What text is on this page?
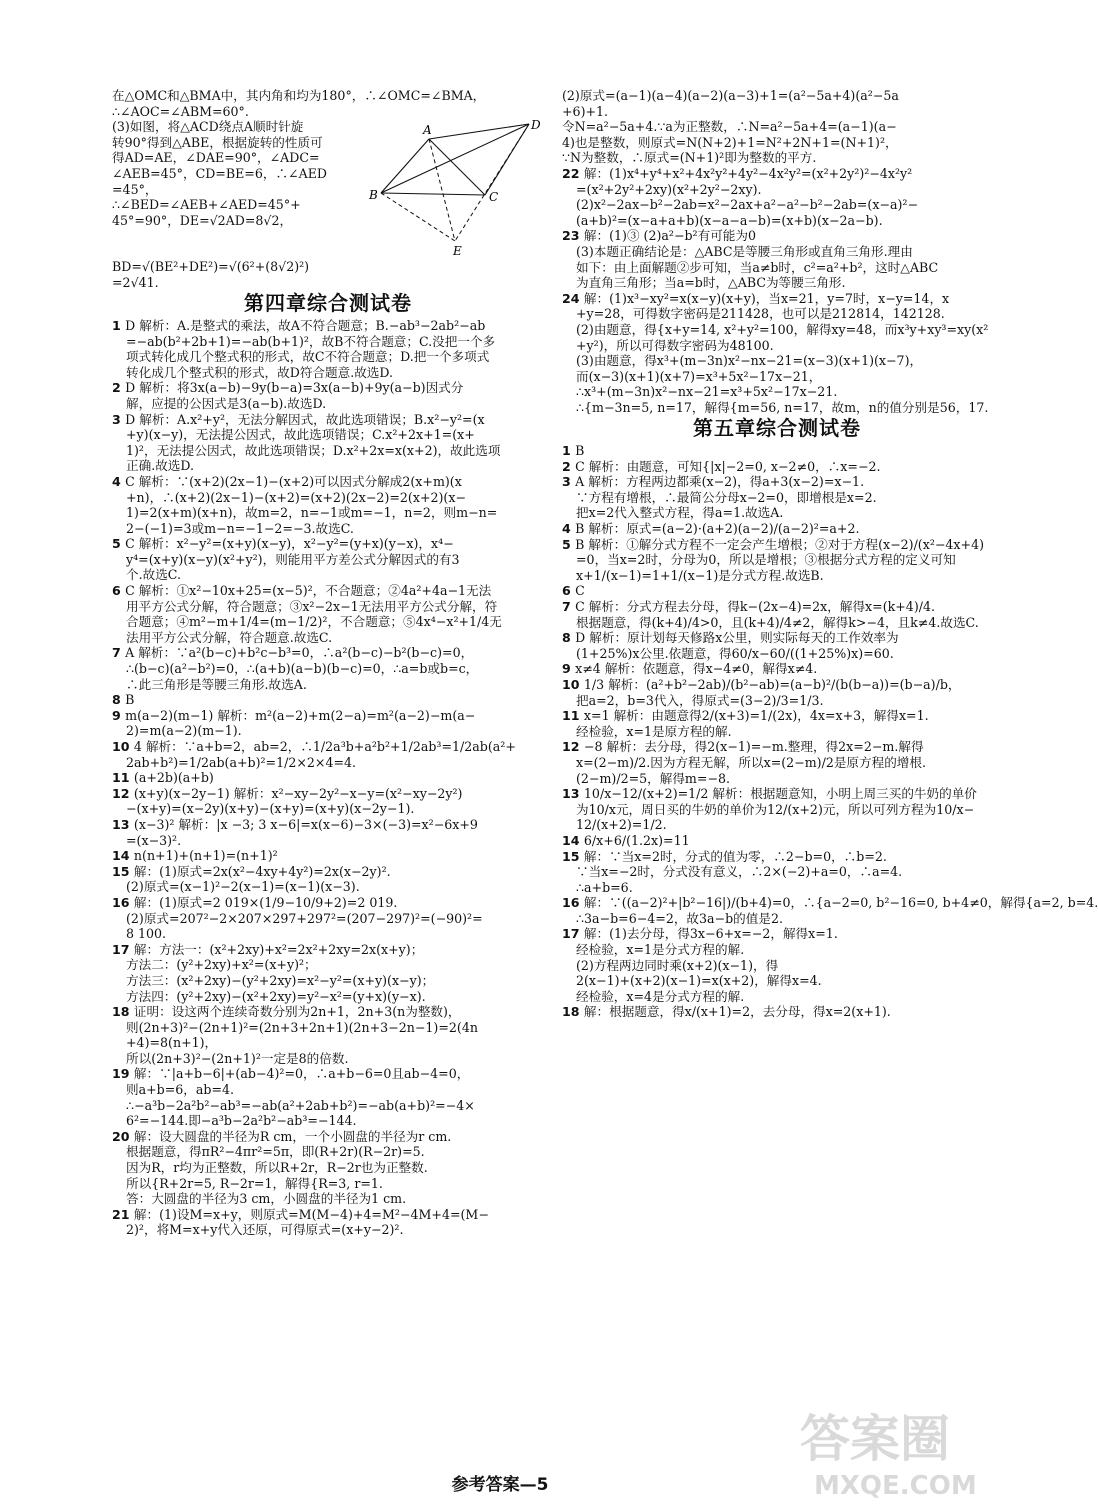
在△OMC和△BMA中，其内角和均为180°，∴∠OMC=∠BMA，
∴∠AOC=∠ABM=60°.
(3)如图，将△ACD绕点A顺时针旋
转90°得到△ABE，根据旋转的性质可
得AD=AE，∠DAE=90°，∠ADC=
∠AEB=45°，CD=BE=6，∴∠AED
=45°，
∴∠BED=∠AEB+∠AED=45°+
45°=90°，DE=√2AD=8√2，
A
B	C
D
E
BD=√(BE²+DE²)=√(6²+(8√2)²)
=2√41.
第四章综合测试卷
1 D 解析：A.是整式的乘法，故A不符合题意；B.−ab³−2ab²−ab
=−ab(b²+2b+1)=−ab(b+1)²，故B不符合题意；C.没把一个多
项式转化成几个整式积的形式，故C不符合题意；D.把一个多项式
转化成几个整式积的形式，故D符合题意.故选D.
2 D 解析：将3x(a−b)−9y(b−a)=3x(a−b)+9y(a−b)因式分
解，应提的公因式是3(a−b).故选D.
3 D 解析：A.x²+y²，无法分解因式，故此选项错误；B.x²−y²=(x
+y)(x−y)，无法提公因式，故此选项错误；C.x²+2x+1=(x+
1)²，无法提公因式，故此选项错误；D.x²+2x=x(x+2)，故此选项
正确.故选D.
4 C 解析：∵(x+2)(2x−1)−(x+2)可以因式分解成2(x+m)(x
+n)，∴(x+2)(2x−1)−(x+2)=(x+2)(2x−2)=2(x+2)(x−
1)=2(x+m)(x+n)，故m=2，n=−1或m=−1，n=2，则m−n=
2−(−1)=3或m−n=−1−2=−3.故选C.
5 C 解析：x²−y²=(x+y)(x−y)，x²−y²=(y+x)(y−x)，x⁴−
y⁴=(x+y)(x−y)(x²+y²)，则能用平方差公式分解因式的有3
个.故选C.
6 C 解析：①x²−10x+25=(x−5)²，不合题意；②4a²+4a−1无法
用平方公式分解，符合题意；③x²−2x−1无法用平方公式分解，符
合题意；④m²−m+1/4=(m−1/2)²，不合题意；⑤4x⁴−x²+1/4无
法用平方公式分解，符合题意.故选C.
7 A 解析：∵a²(b−c)+b²c−b³=0，∴a²(b−c)−b²(b−c)=0，
∴(b−c)(a²−b²)=0，∴(a+b)(a−b)(b−c)=0，∴a=b或b=c，
∴此三角形是等腰三角形.故选A.
8 B
9 m(a−2)(m−1) 解析：m²(a−2)+m(2−a)=m²(a−2)−m(a−
2)=m(a−2)(m−1).
10 4 解析：∵a+b=2，ab=2，∴1/2a³b+a²b²+1/2ab³=1/2ab(a²+
2ab+b²)=1/2ab(a+b)²=1/2×2×4=4.
11 (a+2b)(a+b)
12 (x+y)(x−2y−1) 解析：x²−xy−2y²−x−y=(x²−xy−2y²)
−(x+y)=(x−2y)(x+y)−(x+y)=(x+y)(x−2y−1).
13 (x−3)² 解析：|x −3; 3 x−6|=x(x−6)−3×(−3)=x²−6x+9
=(x−3)².
14 n(n+1)+(n+1)=(n+1)²
15 解：(1)原式=2x(x²−4xy+4y²)=2x(x−2y)².
(2)原式=(x−1)²−2(x−1)=(x−1)(x−3).
16 解：(1)原式=2 019×(1/9−10/9+2)=2 019.
(2)原式=207²−2×207×297+297²=(207−297)²=(−90)²=
8 100.
17 解：方法一：(x²+2xy)+x²=2x²+2xy=2x(x+y)；
方法二：(y²+2xy)+x²=(x+y)²；
方法三：(x²+2xy)−(y²+2xy)=x²−y²=(x+y)(x−y)；
方法四：(y²+2xy)−(x²+2xy)=y²−x²=(y+x)(y−x).
18 证明：设这两个连续奇数分别为2n+1，2n+3(n为整数)，
则(2n+3)²−(2n+1)²=(2n+3+2n+1)(2n+3−2n−1)=2(4n
+4)=8(n+1)，
所以(2n+3)²−(2n+1)²一定是8的倍数.
19 解：∵|a+b−6|+(ab−4)²=0，∴a+b−6=0且ab−4=0，
则a+b=6，ab=4.
∴−a³b−2a²b²−ab³=−ab(a²+2ab+b²)=−ab(a+b)²=−4×
6²=−144.即−a³b−2a²b²−ab³=−144.
20 解：设大圆盘的半径为R cm，一个小圆盘的半径为r cm.
根据题意，得πR²−4πr²=5π，即(R+2r)(R−2r)=5.
因为R，r均为正整数，所以R+2r，R−2r也为正整数.
所以{R+2r=5, R−2r=1，解得{R=3, r=1.
答：大圆盘的半径为3 cm，小圆盘的半径为1 cm.
21 解：(1)设M=x+y，则原式=M(M−4)+4=M²−4M+4=(M−
2)²，将M=x+y代入还原，可得原式=(x+y−2)².
(2)原式=(a−1)(a−4)(a−2)(a−3)+1=(a²−5a+4)(a²−5a
+6)+1.
令N=a²−5a+4.∵a为正整数，∴N=a²−5a+4=(a−1)(a−
4)也是整数，则原式=N(N+2)+1=N²+2N+1=(N+1)²，
∵N为整数，∴原式=(N+1)²即为整数的平方.
22 解：(1)x⁴+y⁴+x²+4x²y²+4y²−4x²y²=(x²+2y²)²−4x²y²
=(x²+2y²+2xy)(x²+2y²−2xy).
(2)x²−2ax−b²−2ab=x²−2ax+a²−a²−b²−2ab=(x−a)²−
(a+b)²=(x−a+a+b)(x−a−a−b)=(x+b)(x−2a−b).
23 解：(1)③ (2)a²−b²有可能为0
(3)本题正确结论是：△ABC是等腰三角形或直角三角形.理由
如下：由上面解题②步可知，当a≠b时，c²=a²+b²，这时△ABC
为直角三角形；当a=b时，△ABC为等腰三角形.
24 解：(1)x³−xy²=x(x−y)(x+y)，当x=21，y=7时，x−y=14，x
+y=28，可得数字密码是211428，也可以是212814，142128.
(2)由题意，得{x+y=14, x²+y²=100，解得xy=48，而x³y+xy³=xy(x²
+y²)，所以可得数字密码为48100.
(3)由题意，得x³+(m−3n)x²−nx−21=(x−3)(x+1)(x−7)，
而(x−3)(x+1)(x+7)=x³+5x²−17x−21，
∴x³+(m−3n)x²−nx−21=x³+5x²−17x−21.
∴{m−3n=5, n=17，解得{m=56, n=17，故m，n的值分别是56，17.
第五章综合测试卷
1 B
2 C 解析：由题意，可知{|x|−2=0, x−2≠0，∴x=−2.
3 A 解析：方程两边都乘(x−2)，得a+3(x−2)=x−1.
∵方程有增根，∴最简公分母x−2=0，即增根是x=2.
把x=2代入整式方程，得a=1.故选A.
4 B 解析：原式=(a−2)·(a+2)(a−2)/(a−2)²=a+2.
5 B 解析：①解分式方程不一定会产生增根；②对于方程(x−2)/(x²−4x+4)
=0，当x=2时，分母为0，所以是增根；③根据分式方程的定义可知
x+1/(x−1)=1+1/(x−1)是分式方程.故选B.
6 C
7 C 解析：分式方程去分母，得k−(2x−4)=2x，解得x=(k+4)/4.
根据题意，得(k+4)/4>0，且(k+4)/4≠2，解得k>−4，且k≠4.故选C.
8 D 解析：原计划每天修路x公里，则实际每天的工作效率为
(1+25%)x公里.依题意，得60/x−60/((1+25%)x)=60.
9 x≠4 解析：依题意，得x−4≠0，解得x≠4.
10 1/3 解析：(a²+b²−2ab)/(b²−ab)=(a−b)²/(b(b−a))=(b−a)/b，
把a=2，b=3代入，得原式=(3−2)/3=1/3.
11 x=1 解析：由题意得2/(x+3)=1/(2x)，4x=x+3，解得x=1.
经检验，x=1是原方程的解.
12 −8 解析：去分母，得2(x−1)=−m.整理，得2x=2−m.解得
x=(2−m)/2.因为方程无解，所以x=(2−m)/2是原方程的增根.
(2−m)/2=5，解得m=−8.
13 10/x−12/(x+2)=1/2 解析：根据题意知，小明上周三买的牛奶的单价
为10/x元，周日买的牛奶的单价为12/(x+2)元，所以可列方程为10/x−
12/(x+2)=1/2.
14 6/x+6/(1.2x)=11
15 解：∵当x=2时，分式的值为零，∴2−b=0，∴b=2.
∵当x=−2时，分式没有意义，∴2×(−2)+a=0，∴a=4.
∴a+b=6.
16 解：∵((a−2)²+|b²−16|)/(b+4)=0，∴{a−2=0, b²−16=0, b+4≠0，解得{a=2, b=4.
∴3a−b=6−4=2，故3a−b的值是2.
17 解：(1)去分母，得3x−6+x=−2，解得x=1.
经检验，x=1是分式方程的解.
(2)方程两边同时乘(x+2)(x−1)，得
2(x−1)+(x+2)(x−1)=x(x+2)，解得x=4.
经检验，x=4是分式方程的解.
18 解：根据题意，得x/(x+1)=2，去分母，得x=2(x+1).
参考答案—5
答案圈
MXQE.COM
